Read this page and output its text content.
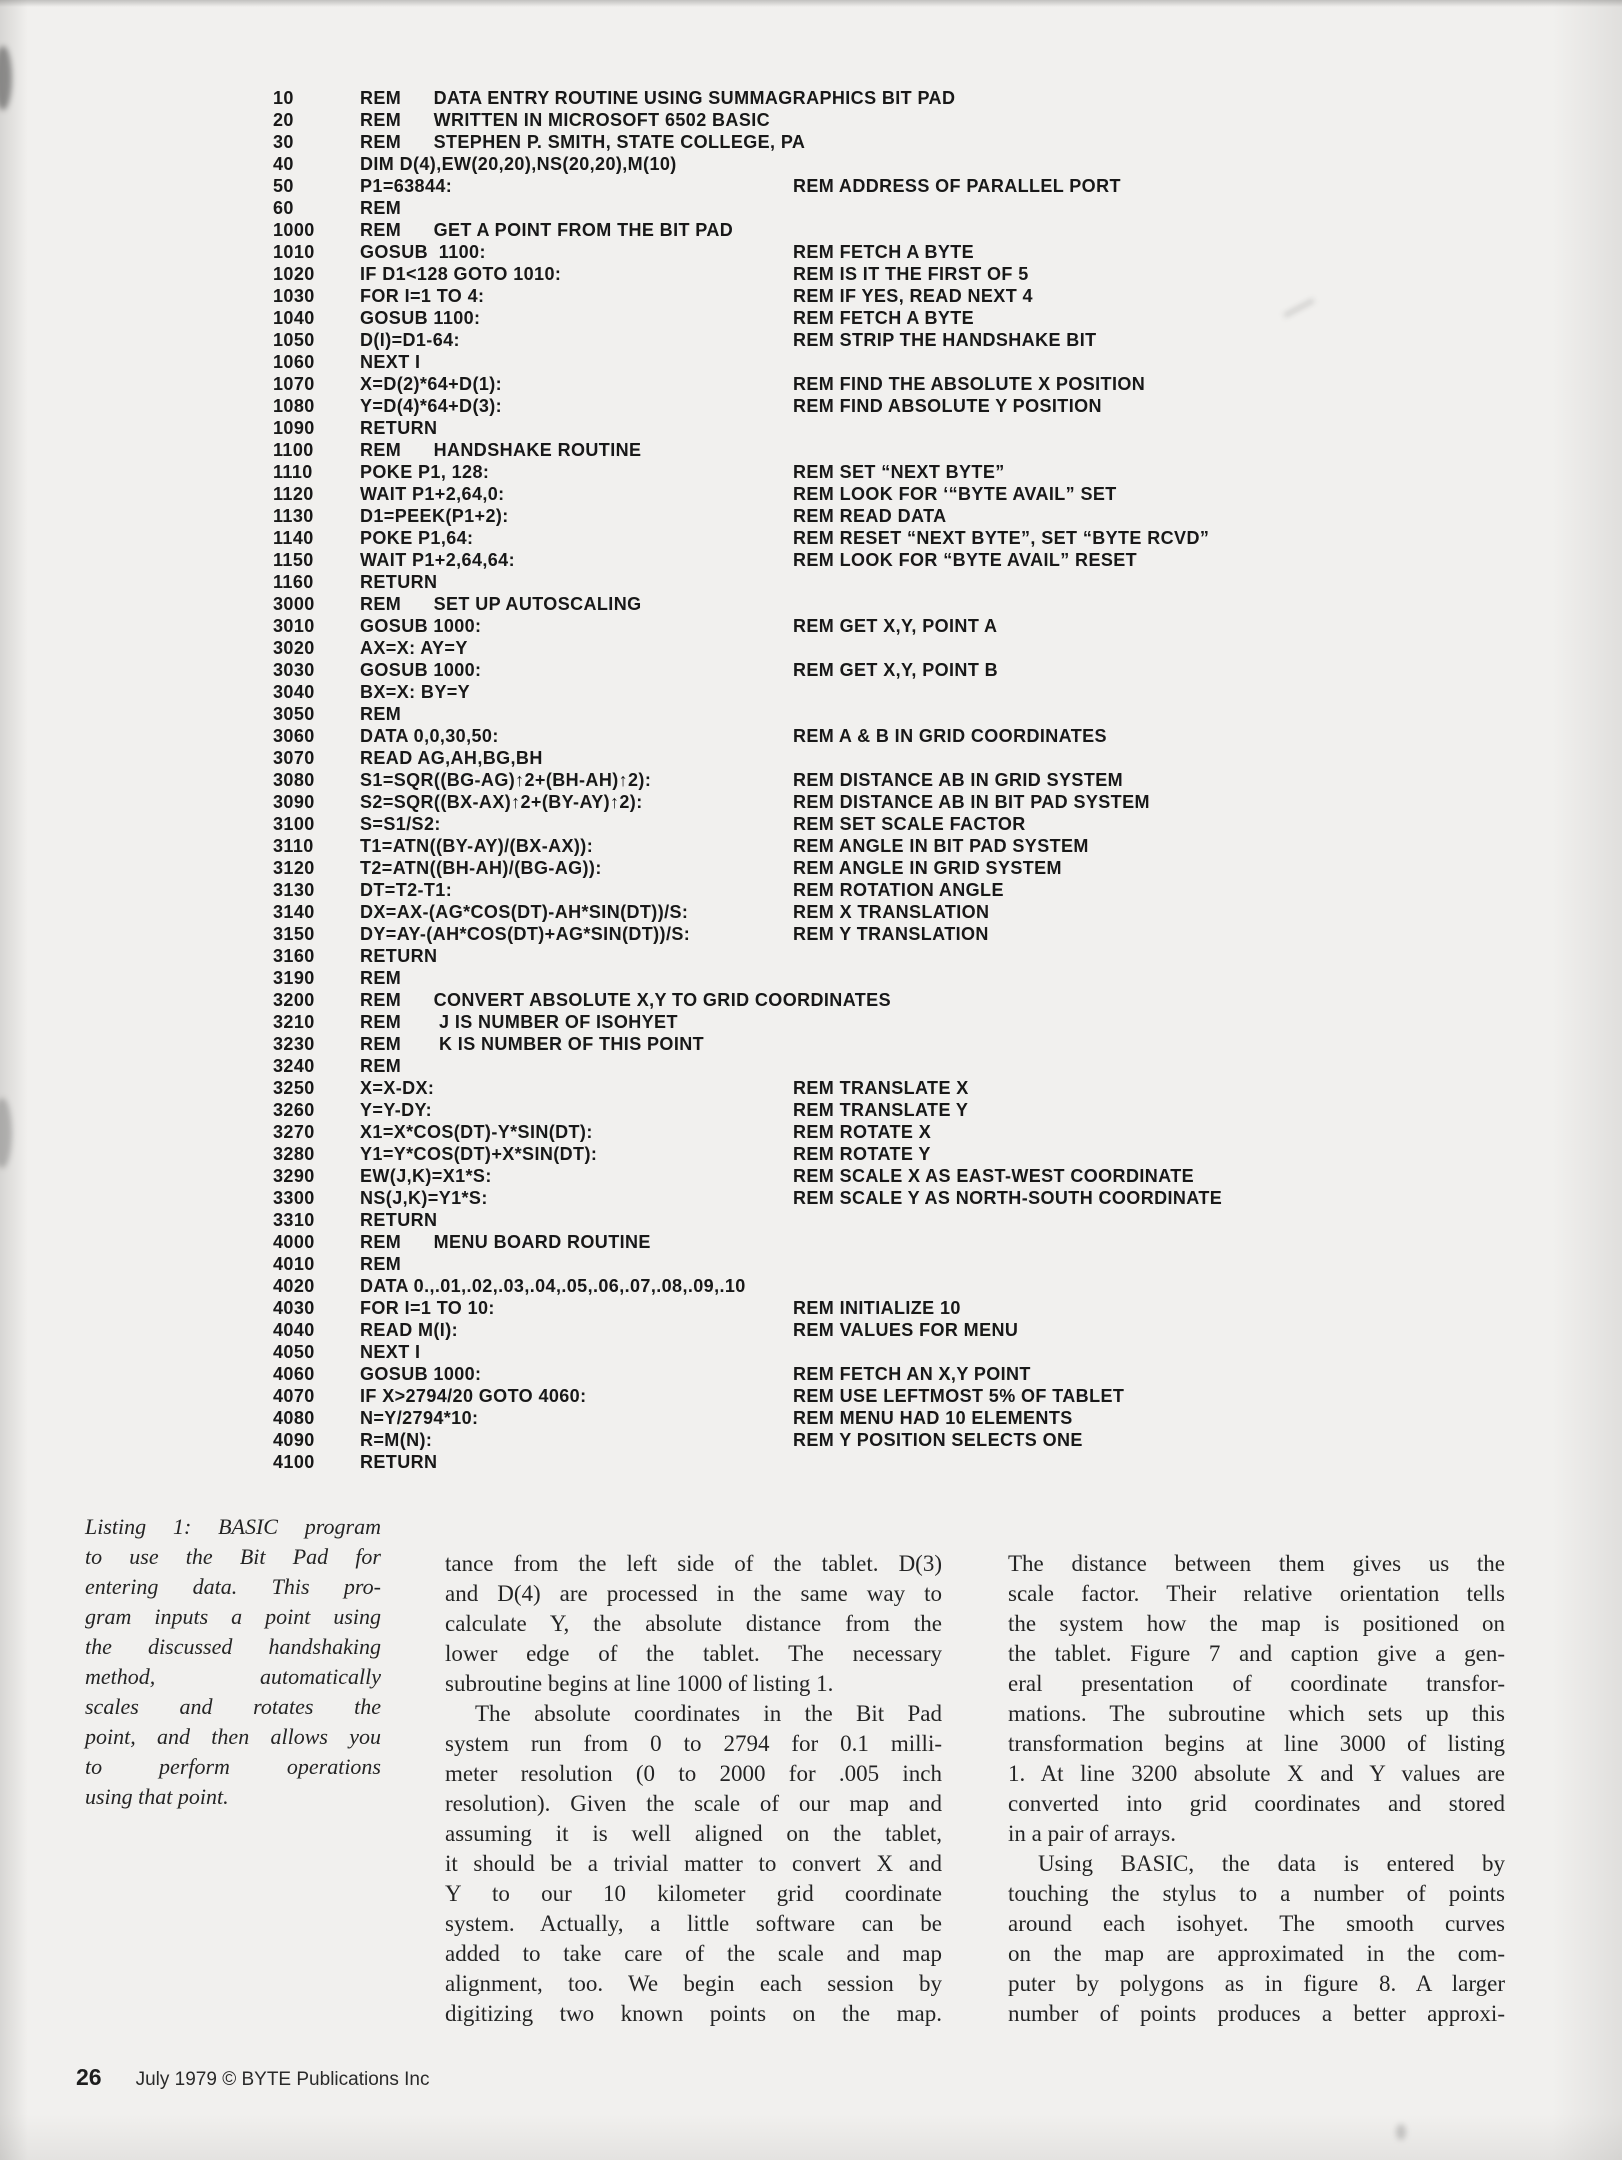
10	REM      DATA ENTRY ROUTINE USING SUMMAGRAPHICS BIT PAD
20	REM      WRITTEN IN MICROSOFT 6502 BASIC
30	REM      STEPHEN P. SMITH, STATE COLLEGE, PA
40	DIM D(4),EW(20,20),NS(20,20),M(10)
50	P1=63844:	REM ADDRESS OF PARALLEL PORT
60	REM
1000	REM      GET A POINT FROM THE BIT PAD
1010	GOSUB  1100:	REM FETCH A BYTE
1020	IF D1<128 GOTO 1010:	REM IS IT THE FIRST OF 5
1030	FOR I=1 TO 4:	REM IF YES, READ NEXT 4
1040	GOSUB 1100:	REM FETCH A BYTE
1050	D(I)=D1-64:	REM STRIP THE HANDSHAKE BIT
1060	NEXT I
1070	X=D(2)*64+D(1):	REM FIND THE ABSOLUTE X POSITION
1080	Y=D(4)*64+D(3):	REM FIND ABSOLUTE Y POSITION
1090	RETURN
1100	REM      HANDSHAKE ROUTINE
1110	POKE P1, 128:	REM SET “NEXT BYTE”
1120	WAIT P1+2,64,0:	REM LOOK FOR ‘“BYTE AVAIL” SET
1130	D1=PEEK(P1+2):	REM READ DATA
1140	POKE P1,64:	REM RESET “NEXT BYTE”, SET “BYTE RCVD”
1150	WAIT P1+2,64,64:	REM LOOK FOR “BYTE AVAIL” RESET
1160	RETURN
3000	REM      SET UP AUTOSCALING
3010	GOSUB 1000:	REM GET X,Y, POINT A
3020	AX=X: AY=Y
3030	GOSUB 1000:	REM GET X,Y, POINT B
3040	BX=X: BY=Y
3050	REM
3060	DATA 0,0,30,50:	REM A & B IN GRID COORDINATES
3070	READ AG,AH,BG,BH
3080	S1=SQR((BG-AG)↑2+(BH-AH)↑2):	REM DISTANCE AB IN GRID SYSTEM
3090	S2=SQR((BX-AX)↑2+(BY-AY)↑2):	REM DISTANCE AB IN BIT PAD SYSTEM
3100	S=S1/S2:	REM SET SCALE FACTOR
3110	T1=ATN((BY-AY)/(BX-AX)):	REM ANGLE IN BIT PAD SYSTEM
3120	T2=ATN((BH-AH)/(BG-AG)):	REM ANGLE IN GRID SYSTEM
3130	DT=T2-T1:	REM ROTATION ANGLE
3140	DX=AX-(AG*COS(DT)-AH*SIN(DT))/S:	REM X TRANSLATION
3150	DY=AY-(AH*COS(DT)+AG*SIN(DT))/S:	REM Y TRANSLATION
3160	RETURN
3190	REM
3200	REM      CONVERT ABSOLUTE X,Y TO GRID COORDINATES
3210	REM       J IS NUMBER OF ISOHYET
3230	REM       K IS NUMBER OF THIS POINT
3240	REM
3250	X=X-DX:	REM TRANSLATE X
3260	Y=Y-DY:	REM TRANSLATE Y
3270	X1=X*COS(DT)-Y*SIN(DT):	REM ROTATE X
3280	Y1=Y*COS(DT)+X*SIN(DT):	REM ROTATE Y
3290	EW(J,K)=X1*S:	REM SCALE X AS EAST-WEST COORDINATE
3300	NS(J,K)=Y1*S:	REM SCALE Y AS NORTH-SOUTH COORDINATE
3310	RETURN
4000	REM      MENU BOARD ROUTINE
4010	REM
4020	DATA 0.,.01,.02,.03,.04,.05,.06,.07,.08,.09,.10
4030	FOR I=1 TO 10:	REM INITIALIZE 10
4040	READ M(I):	REM VALUES FOR MENU
4050	NEXT I
4060	GOSUB 1000:	REM FETCH AN X,Y POINT
4070	IF X>2794/20 GOTO 4060:	REM USE LEFTMOST 5% OF TABLET
4080	N=Y/2794*10:	REM MENU HAD 10 ELEMENTS
4090	R=M(N):	REM Y POSITION SELECTS ONE
4100	RETURN
Listing 1: BASIC program
to use the Bit Pad for
entering data. This pro-
gram inputs a point using
the discussed handshaking
method, automatically
scales and rotates the
point, and then allows you
to perform operations
using that point.
tance from the left side of the tablet. D(3)
and D(4) are processed in the same way to
calculate Y, the absolute distance from the
lower edge of the tablet. The necessary
subroutine begins at line 1000 of listing 1.
The absolute coordinates in the Bit Pad
system run from 0 to 2794 for 0.1 milli-
meter resolution (0 to 2000 for .005 inch
resolution). Given the scale of our map and
assuming it is well aligned on the tablet,
it should be a trivial matter to convert X and
Y to our 10 kilometer grid coordinate
system. Actually, a little software can be
added to take care of the scale and map
alignment, too. We begin each session by
digitizing two known points on the map.
The distance between them gives us the
scale factor. Their relative orientation tells
the system how the map is positioned on
the tablet. Figure 7 and caption give a gen-
eral presentation of coordinate transfor-
mations. The subroutine which sets up this
transformation begins at line 3000 of listing
1. At line 3200 absolute X and Y values are
converted into grid coordinates and stored
in a pair of arrays.
Using BASIC, the data is entered by
touching the stylus to a number of points
around each isohyet. The smooth curves
on the map are approximated in the com-
puter by polygons as in figure 8. A larger
number of points produces a better approxi-
26 July 1979 © BYTE Publications Inc
